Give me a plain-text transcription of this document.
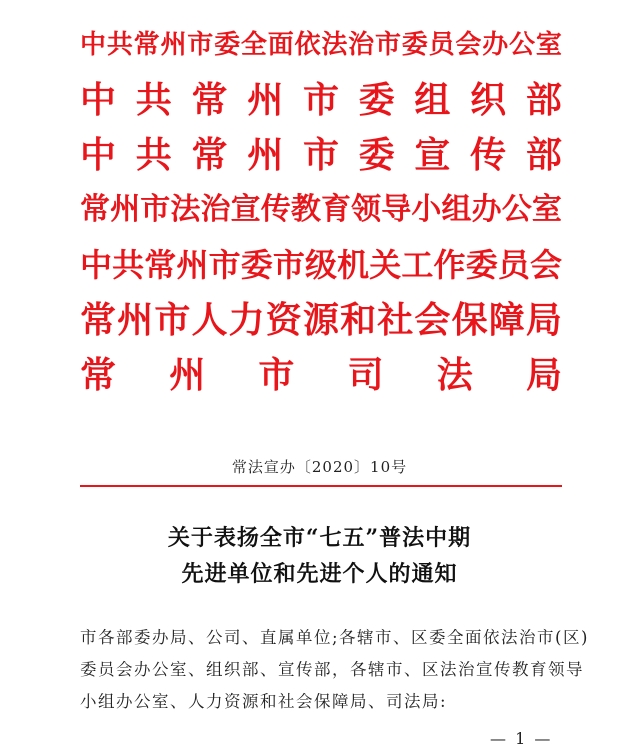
中 共 常 州 市 委 全 面 依 法 治 市 委 员 会 办 公 室
中 共 常 州 市 委 组 织 部
中 共 常 州 市 委 宣 传 部
常 州 市 法 治 宣 传 教 育 领 导 小 组 办 公 室
中 共 常 州 市 委 市 级 机 关 工 作 委 员 会
常 州 市 人 力 资 源 和 社 会 保 障 局
常 州 市 司 法 局
常法宣办〔2020〕10号
关于表扬全市“七五”普法中期
先进单位和先进个人的通知
市各部委办局、公司、直属单位;各辖市、区委全面依法治市(区)
委员会办公室、组织部、宣传部，各辖市、区法治宣传教育领导
小组办公室、人力资源和社会保障局、司法局:
— 1 —
